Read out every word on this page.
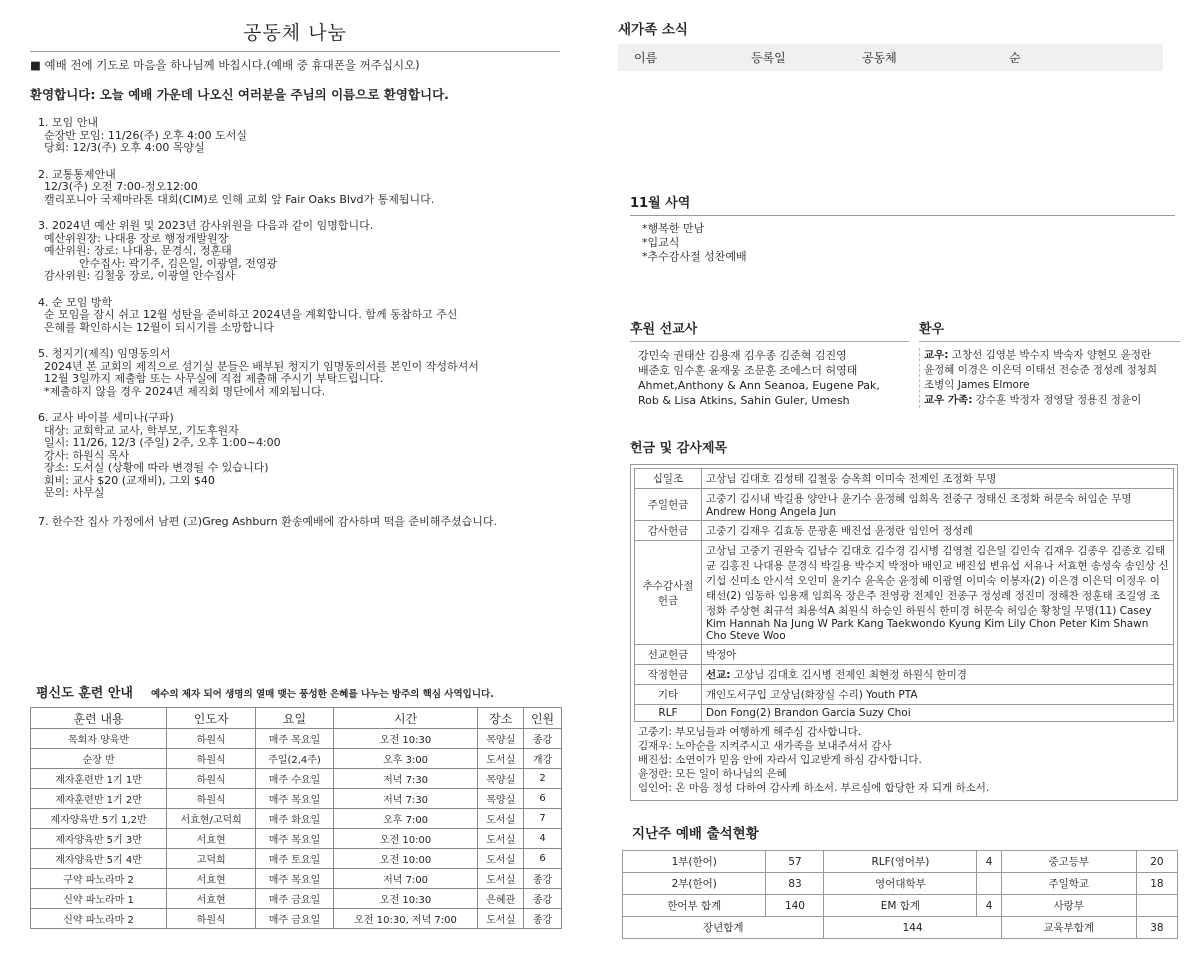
공동체 나눔
■ 예배 전에 기도로 마음을 하나님께 바칩시다.(예배 중 휴대폰을 꺼주십시오)
환영합니다: 오늘 예배 가운데 나오신 여러분을 주님의 이름으로 환영합니다.
1. 모임 안내
순장반 모임: 11/26(주) 오후 4:00 도서실
당회: 12/3(주) 오후 4:00 목양실
2. 교통통제안내
12/3(주) 오전 7:00-정오12:00
캘리포니아 국제마라톤 대회(CIM)로 인해 교회 앞 Fair Oaks Blvd가 통제됩니다.
3. 2024년 예산 위원 및 2023년 감사위원을 다음과 같이 임명합니다.
예산위원장: 나대용 장로 행정개발원장
예산위원: 장로: 나대용, 문경식, 정훈태
안수집사: 곽기주, 김은일, 이광열, 전영광
감사위원: 김철웅 장로, 이광열 안수집사
4. 순 모임 방학
순 모임을 잠시 쉬고 12월 성탄을 준비하고 2024년을 계획합니다. 함께 동참하고 주신
은혜를 확인하시는 12월이 되시기를 소망합니다
5. 청지기(제직) 임명동의서
2024년 본 교회의 제직으로 섬기실 분들은 배부된 청지기 임명동의서를 본인이 작성하셔서
12월 3일까지 제출함 또는 사무실에 직접 제출해 주시기 부탁드립니다.
*제출하지 않을 경우 2024년 제직회 명단에서 제외됩니다.
6. 교사 바이블 세미나(구파)
대상: 교회학교 교사, 학부모, 기도후원자
일시: 11/26, 12/3 (주일) 2주, 오후 1:00~4:00
강사: 하원식 목사
장소: 도서실 (상황에 따라 변경될 수 있습니다)
회비: 교사 $20 (교재비), 그외 $40
문의: 사무실
7. 한수잔 집사 가정에서 남편 (고)Greg Ashburn 환송예배에 감사하며 떡을 준비해주셨습니다.
평신도 훈련 안내 예수의 제자 되어 생명의 열매 맺는 풍성한 은혜를 나누는 방주의 핵심 사역입니다.
훈련 내용	인도자	요일	시간	장소	인원
목회자 양육반	하원식	매주 목요일	오전 10:30	목양실	종강
순장 반	하원식	주일(2,4주)	오후 3:00	도서실	개강
제자훈련반 1기 1반	하원식	매주 수요일	저녁 7:30	목양실	2
제자훈련반 1기 2반	하원식	매주 목요일	저녁 7:30	목양실	6
제자양육반 5기 1,2반	서효현/고덕희	매주 화요일	오후 7:00	도서실	7
제자양육반 5기 3반	서효현	매주 목요일	오전 10:00	도서실	4
제자양육반 5기 4반	고덕희	매주 토요일	오전 10:00	도서실	6
구약 파노라마 2	서효현	매주 목요일	저녁 7:00	도서실	종강
신약 파노라마 1	서효현	매주 금요일	오전 10:30	은혜관	종강
신약 파노라마 2	하원식	매주 금요일	오전 10:30, 저녁 7:00	도서실	종강
새가족 소식
이름	등록일	공동체	순
11월 사역
*행복한 만남
*입교식
*추수감사절 성찬예배
후원 선교사
강민숙 권태산 김용재 김우종 김준혁 김진영
배준호 임수훈 윤재웅 조문훈 조에스더 허영태
Ahmet,Anthony & Ann Seanoa, Eugene Pak,
Rob & Lisa Atkins, Sahin Guler, Umesh
환우
교우: 고창선 김영분 박수지 박숙자 양현모 윤정란
윤정혜 이경은 이은덕 이태선 전승준 정성례 정청희
조병익 James Elmore
교우 가족: 강수훈 박정자 정영달 정용진 정윤이
헌금 및 감사제목
십일조	고상님 김대호 김성태 김철웅 승옥희 이미숙 전제인 조정화 무명
주일헌금	고중기 김시내 박길용 양안나 윤기수 윤정혜 임희옥 전중구 정태신 조정화 허문숙 허임순 무명 Andrew Hong Angela Jun
감사헌금	고중기 김재우 김효동 문광훈 배진섭 윤정란 임인어 정성례
추수감사절 헌금	고상님 고중기 권완숙 김남수 김대호 김수경 김시병 김영철 김은일 김인숙 김재우 김종우 김종호 김태균 김홍진 나대용 문경식 박길용 박수지 박정아 배인교 배진섭 변유섭 서유나 서효현 송성숙 송인상 신기섭 신미소 안시석 오인미 윤기수 윤옥순 윤정혜 이광열 이미숙 이봉자(2) 이은경 이은덕 이정우 이태선(2) 임동하 임용재 임희옥 장은주 전영광 전제인 전종구 정성례 정진미 정해찬 정훈태 조길영 조정화 주상현 최규석 최용석A 최원식 하승인 하원식 한미경 허문숙 허임순 황창일 무명(11) Casey Kim Hannah Na Jung W Park Kang Taekwondo Kyung Kim Lily Chon Peter Kim Shawn Cho Steve Woo
선교헌금	박정아
작정헌금	선교: 고상님 김대호 김시병 전제인 최현정 하원식 한미경
기타	개인도서구입 고상님(화장실 수리) Youth PTA
RLF	Don Fong(2) Brandon Garcia Suzy Choi
고중기: 부모님들과 여행하게 해주심 감사합니다.
김재우: 노아순을 지켜주시고 새가족을 보내주셔서 감사
배진섭: 소연이가 믿음 안에 자라서 입교받게 하심 감사합니다.
윤정란: 모든 일이 하나님의 은혜
임인어: 온 마음 정성 다하여 감사케 하소서. 부르심에 합당한 자 되게 하소서.
지난주 예배 출석현황
1부(한어)	57	RLF(영어부)	4	중고등부	20
2부(한어)	83	영어대학부		주일학교	18
한어부 합계	140	EM 합계	4	사랑부	
장년합계		144		교육부합계	38
